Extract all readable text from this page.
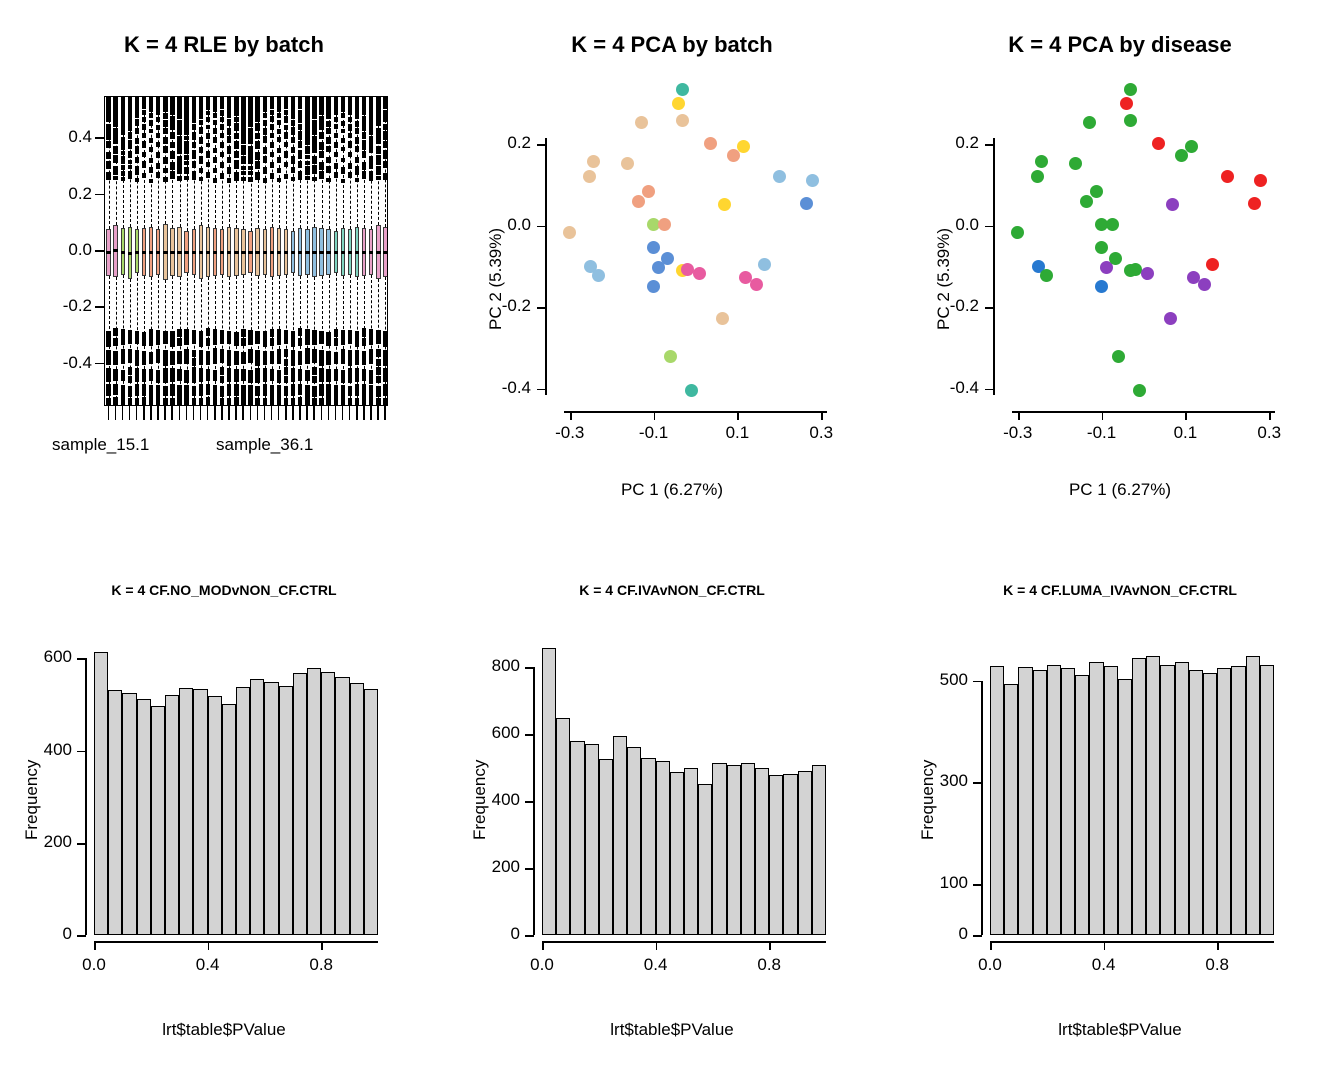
K = 4 RLE by batch
-0.4
-0.2
0.0
0.2
0.4
sample_15.1	sample_36.1
K = 4 PCA by batch
-0.3	-0.1	0.1	0.3
-0.4
-0.2
0.0
0.2
PC 1 (6.27%)
PC 2 (5.39%)
K = 4 PCA by disease
-0.3	-0.1	0.1	0.3
-0.4
-0.2
0.0
0.2
PC 1 (6.27%)
PC 2 (5.39%)
K = 4 CF.NO_MODvNON_CF.CTRL
0.0	0.4	0.8
0
200
400
600
lrt$table$PValue
Frequency
K = 4 CF.IVAvNON_CF.CTRL
0.0	0.4	0.8
0
200
400
600
800
lrt$table$PValue
Frequency
K = 4 CF.LUMA_IVAvNON_CF.CTRL
0.0	0.4	0.8
0
100
300
500
lrt$table$PValue
Frequency
